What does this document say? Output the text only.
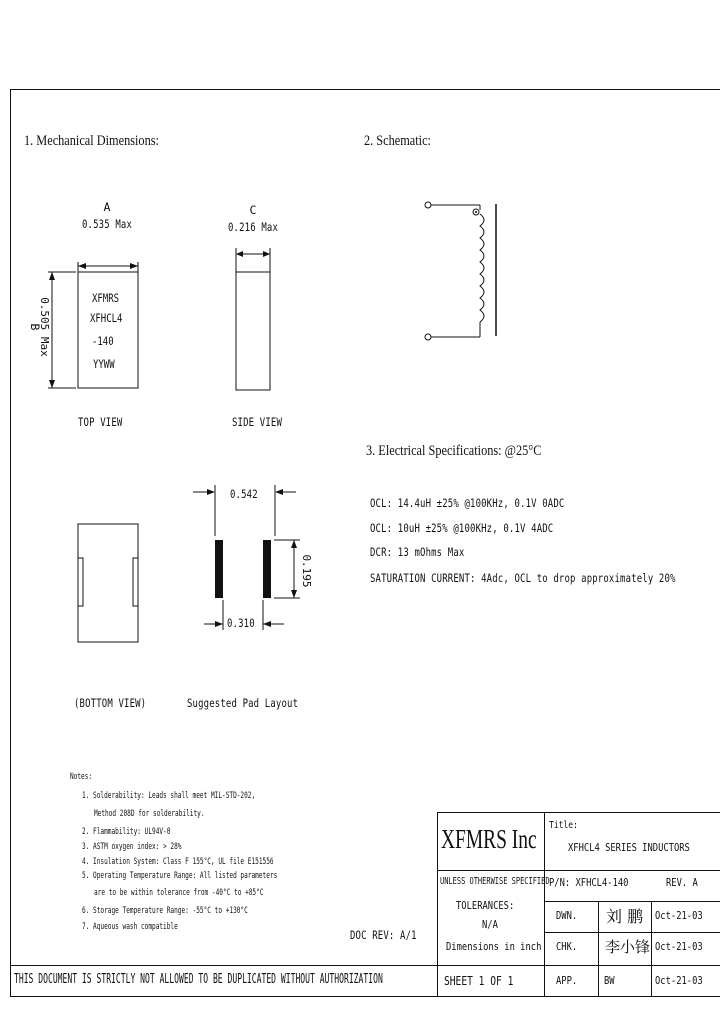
1. Mechanical Dimensions:	2. Schematic:
3. Electrical Specifications: @25°C
A
0.535 Max
0.505 Max
B
XFMRS
XFHCL4
-140
YYWW
TOP VIEW
C
0.216 Max
SIDE VIEW
(BOTTOM VIEW)
0.542
0.195
0.310
Suggested Pad Layout
OCL: 14.4uH ±25% @100KHz, 0.1V 0ADC
OCL: 10uH ±25% @100KHz, 0.1V 4ADC
DCR: 13 mOhms Max
SATURATION CURRENT: 4Adc, OCL to drop approximately 20%
Notes:
1. Solderability: Leads shall meet MIL-STD-202,
Method 208D for solderability.
2. Flammability: UL94V-0
3. ASTM oxygen index: > 28%
4. Insulation System: Class F 155°C, UL file E151556
5. Operating Temperature Range: All listed parameters
are to be within tolerance from -40°C to +85°C
6. Storage Temperature Range: -55°C to +130°C
7. Aqueous wash compatible
DOC REV: A/1
XFMRS Inc Title:
XFHCL4 SERIES INDUCTORS
UNLESS OTHERWISE SPECIFIED P/N: XFHCL4-140	REV. A
TOLERANCES:
N/A
Dimensions in inch
DWN. 刘 鹏 Oct-21-03
CHK. 李小锋 Oct-21-03
THIS DOCUMENT IS STRICTLY NOT ALLOWED TO BE DUPLICATED WITHOUT AUTHORIZATION	SHEET 1 OF 1	APP. BW	Oct-21-03
